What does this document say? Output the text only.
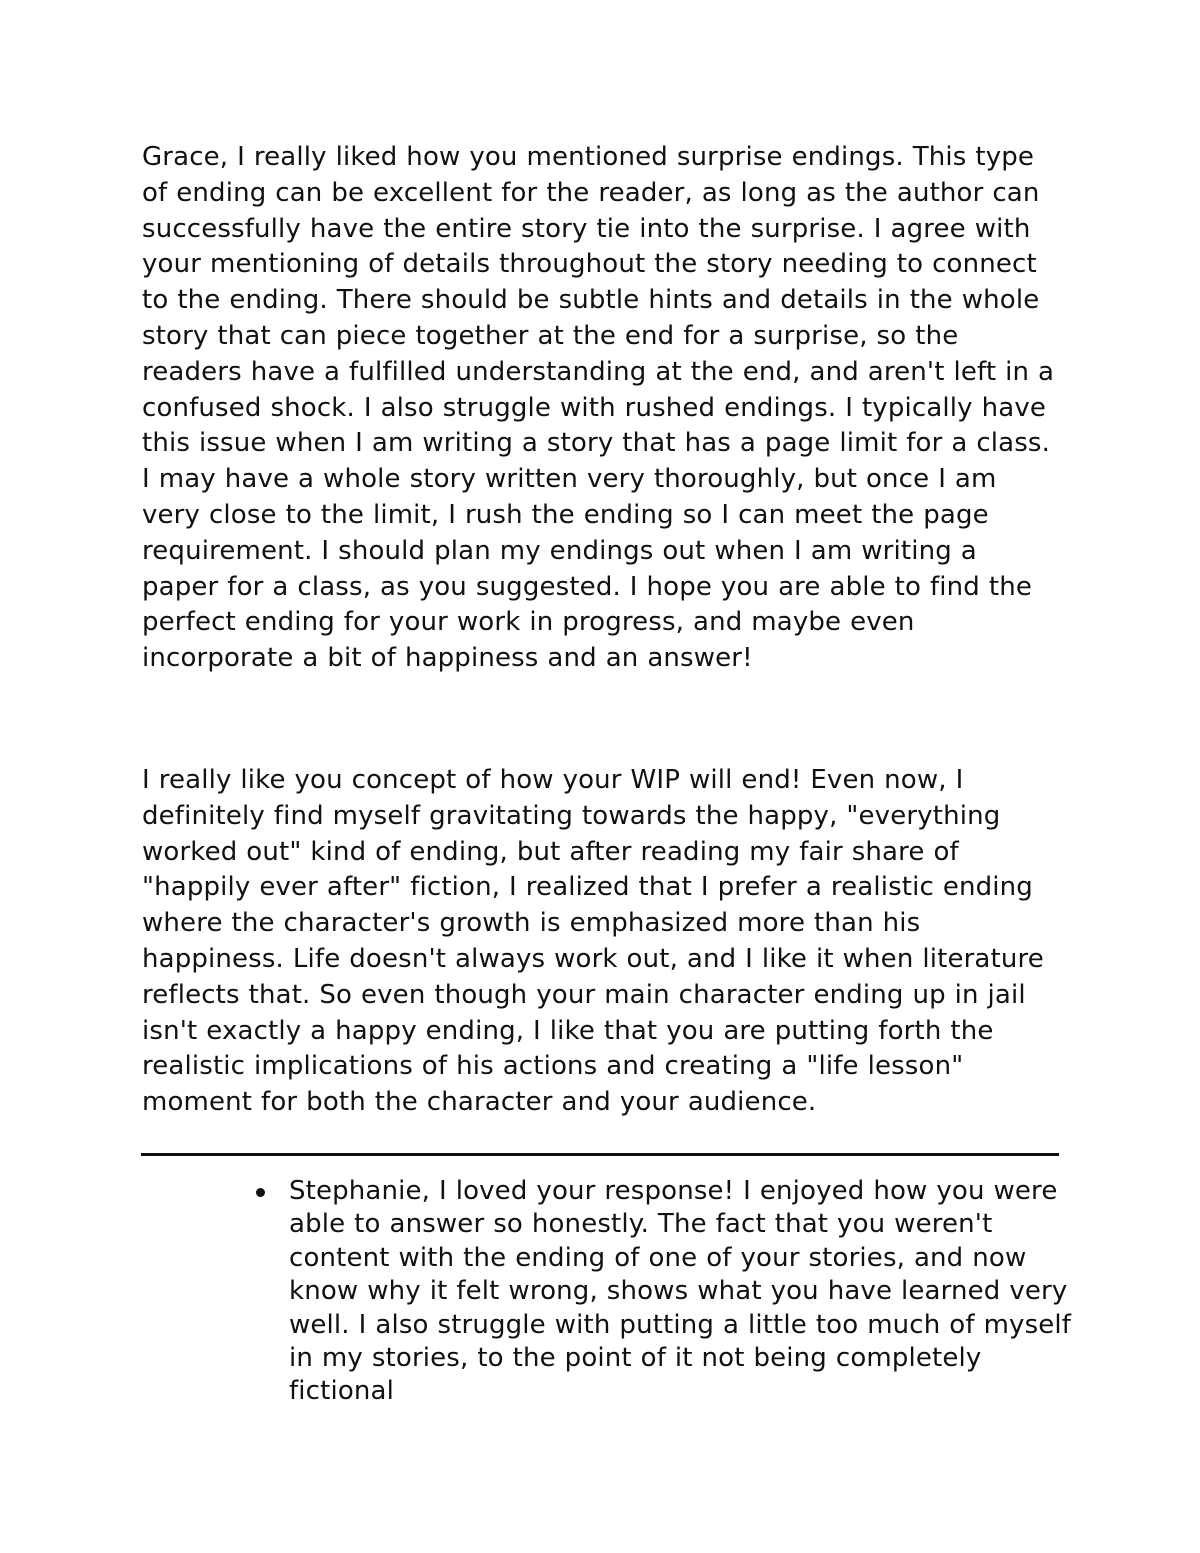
Grace, I really liked how you mentioned surprise endings. This type of ending can be excellent for the reader, as long as the author can successfully have the entire story tie into the surprise. I agree with your mentioning of details throughout the story needing to connect to the ending. There should be subtle hints and details in the whole story that can piece together at the end for a surprise, so the readers have a fulfilled understanding at the end, and aren't left in a confused shock. I also struggle with rushed endings. I typically have this issue when I am writing a story that has a page limit for a class. I may have a whole story written very thoroughly, but once I am very close to the limit, I rush the ending so I can meet the page requirement. I should plan my endings out when I am writing a paper for a class, as you suggested. I hope you are able to find the perfect ending for your work in progress, and maybe even incorporate a bit of happiness and an answer!

I really like you concept of how your WIP will end! Even now, I definitely find myself gravitating towards the happy, "everything worked out" kind of ending, but after reading my fair share of "happily ever after" fiction, I realized that I prefer a realistic ending where the character's growth is emphasized more than his happiness. Life doesn't always work out, and I like it when literature reflects that. So even though your main character ending up in jail isn't exactly a happy ending, I like that you are putting forth the realistic implications of his actions and creating a "life lesson" moment for both the character and your audience.

Stephanie, I loved your response! I enjoyed how you were able to answer so honestly. The fact that you weren't content with the ending of one of your stories, and now know why it felt wrong, shows what you have learned very well. I also struggle with putting a little too much of myself in my stories, to the point of it not being completely fictional
